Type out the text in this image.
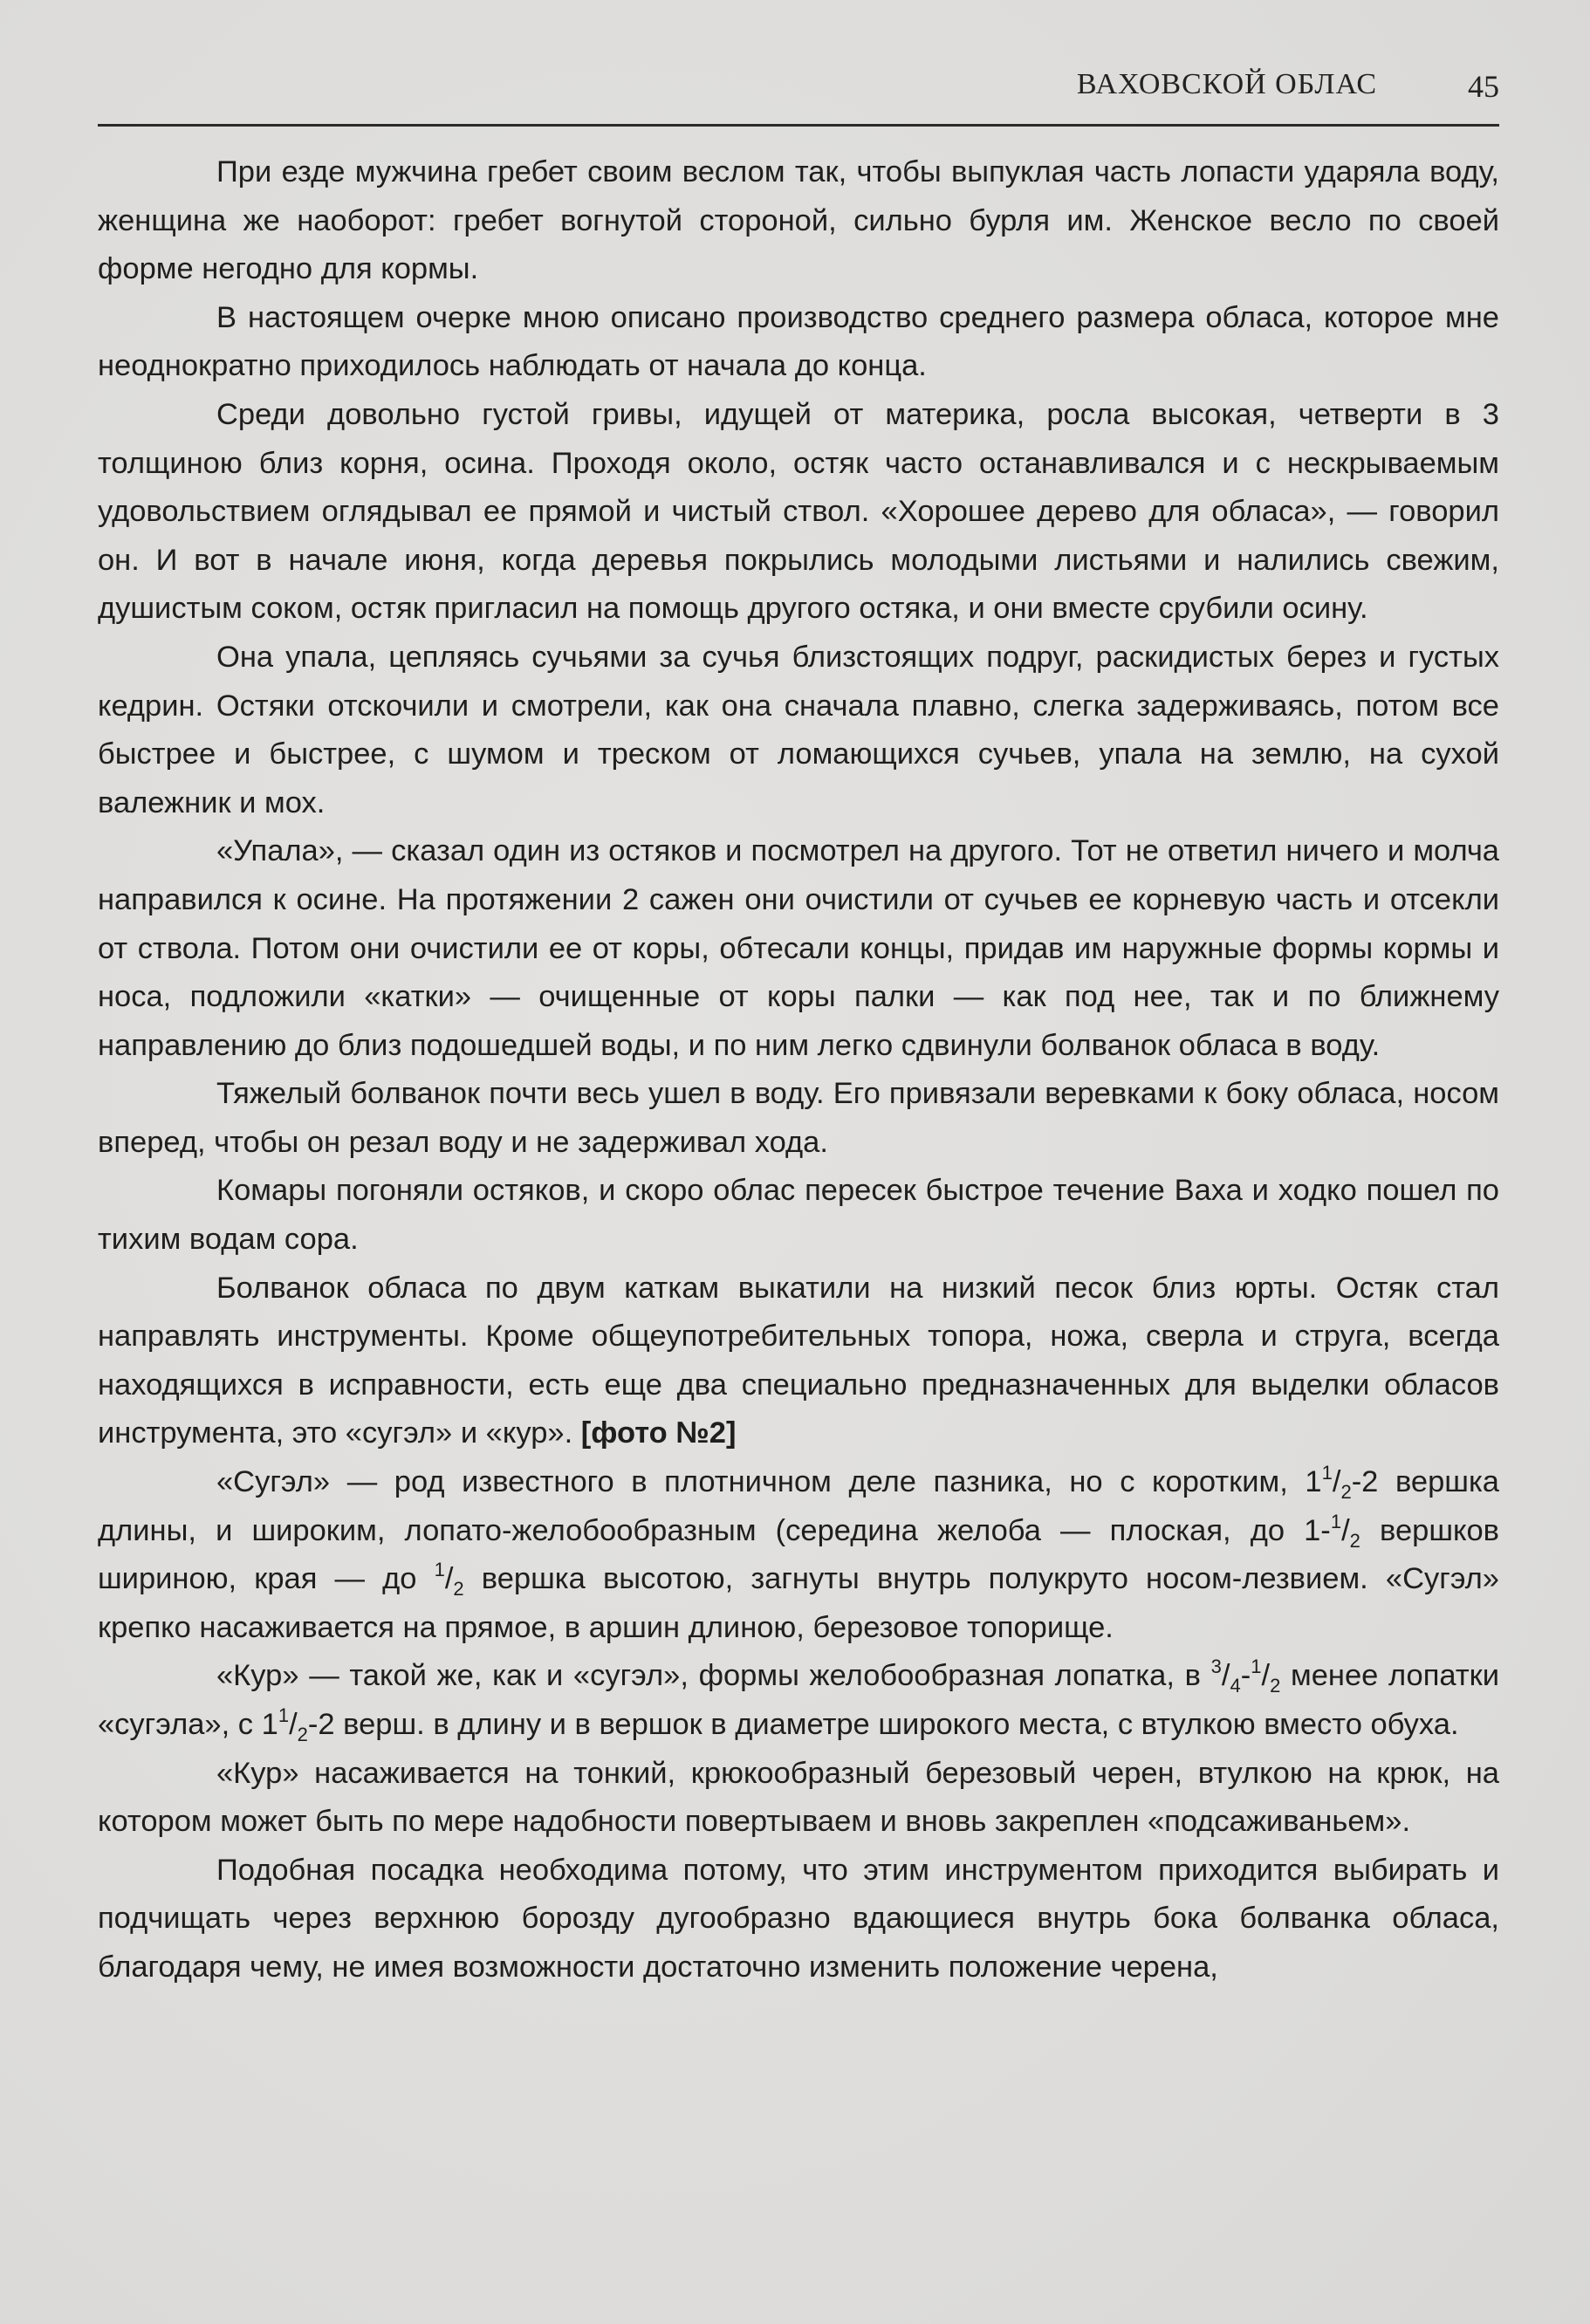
ВАХОВСКОЙ ОБЛАС	45

При езде мужчина гребет своим веслом так, чтобы выпуклая часть лопасти ударяла воду, женщина же наоборот: гребет вогнутой стороной, сильно бурля им. Женское весло по своей форме негодно для кормы.

В настоящем очерке мною описано производство среднего размера обласа, которое мне неоднократно приходилось наблюдать от начала до конца.

Среди довольно густой гривы, идущей от материка, росла высокая, четверти в 3 толщиною близ корня, осина. Проходя около, остяк часто останавливался и с нескрываемым удовольствием оглядывал ее прямой и чистый ствол. «Хорошее дерево для обласа», — говорил он. И вот в начале июня, когда деревья покрылись молодыми листьями и налились свежим, душистым соком, остяк пригласил на помощь другого остяка, и они вместе срубили осину.

Она упала, цепляясь сучьями за сучья близстоящих подруг, раскидистых берез и густых кедрин. Остяки отскочили и смотрели, как она сначала плавно, слегка задерживаясь, потом все быстрее и быстрее, с шумом и треском от ломающихся сучьев, упала на землю, на сухой валежник и мох.

«Упала», — сказал один из остяков и посмотрел на другого. Тот не ответил ничего и молча направился к осине. На протяжении 2 сажен они очистили от сучьев ее корневую часть и отсекли от ствола. Потом они очистили ее от коры, обтесали концы, придав им наружные формы кормы и носа, подложили «катки» — очищенные от коры палки — как под нее, так и по ближнему направлению до близ подошедшей воды, и по ним легко сдвинули болванок обласа в воду.

Тяжелый болванок почти весь ушел в воду. Его привязали веревками к боку обласа, носом вперед, чтобы он резал воду и не задерживал хода.

Комары погоняли остяков, и скоро облас пересек быстрое течение Ваха и ходко пошел по тихим водам сора.

Болванок обласа по двум каткам выкатили на низкий песок близ юрты. Остяк стал направлять инструменты. Кроме общеупотребительных топора, ножа, сверла и струга, всегда находящихся в исправности, есть еще два специально предназначенных для выделки обласов инструмента, это «сугэл» и «кур». [фото №2]

«Сугэл» — род известного в плотничном деле пазника, но с коротким, $1^1/_2-2$ вершка длины, и широким, лопато-желобообразным (середина желоба — плоская, до $1-^1/_2$ вершков шириною, края — до $^1/_2$ вершка высотою, загнуты внутрь полукруто носом-лезвием. «Сугэл» крепко насаживается на прямое, в аршин длиною, березовое топорище.

«Кур» — такой же, как и «сугэл», формы желобообразная лопатка, в $^3/_4-^1/_2$ менее лопатки «сугэла», с $1^1/_2-2$ верш. в длину и в вершок в диаметре широкого места, с втулкою вместо обуха.

«Кур» насаживается на тонкий, крюкообразный березовый черен, втулкою на крюк, на котором может быть по мере надобности повертываем и вновь закреплен «подсаживаньем».

Подобная посадка необходима потому, что этим инструментом приходится выбирать и подчищать через верхнюю борозду дугообразно вдающиеся внутрь бока болванка обласа, благодаря чему, не имея возможности достаточно изменить положение черена,
